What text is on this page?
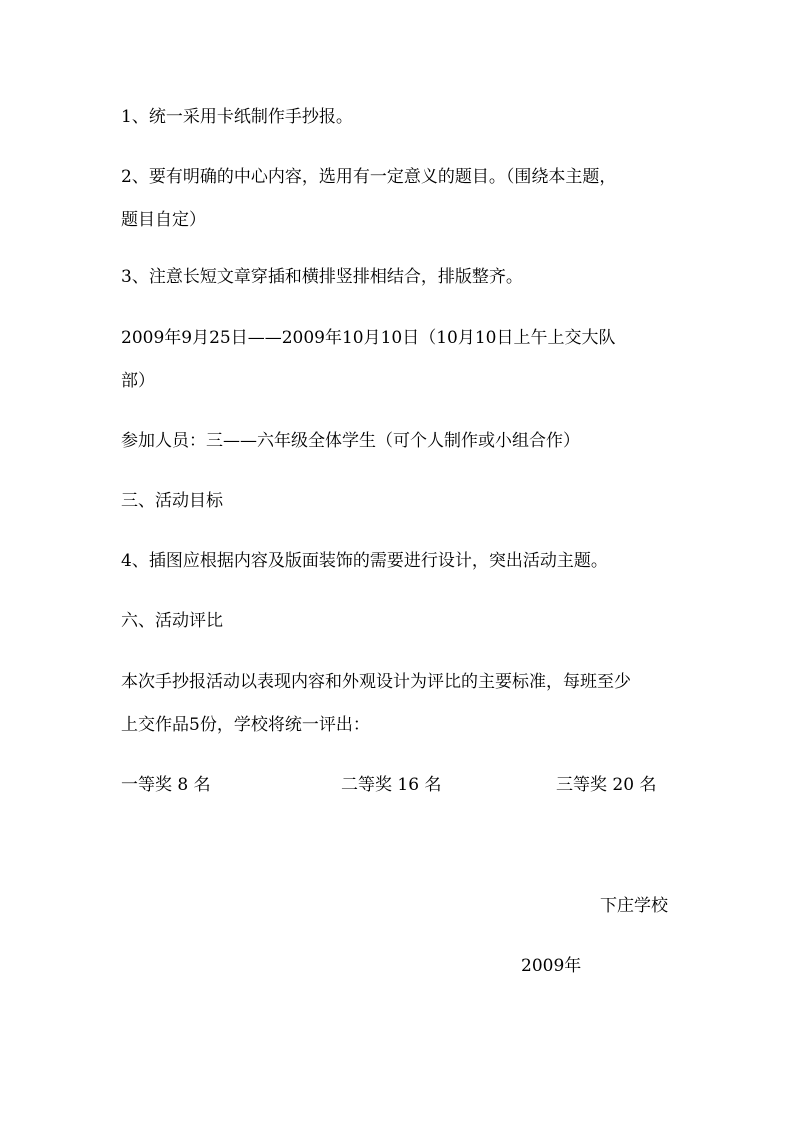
1、统一采用卡纸制作手抄报。
2、要有明确的中心内容，选用有一定意义的题目。（围绕本主题，
题目自定）
3、注意长短文章穿插和横排竖排相结合，排版整齐。
2009年9月25日——2009年10月10日（10月10日上午上交大队
部）
参加人员：三——六年级全体学生（可个人制作或小组合作）
三、活动目标
4、插图应根据内容及版面装饰的需要进行设计，突出活动主题。
六、活动评比
本次手抄报活动以表现内容和外观设计为评比的主要标准，每班至少
上交作品5份，学校将统一评出：
一等奖 8 名	二等奖 16 名	三等奖 20 名
下庄学校
2009年
